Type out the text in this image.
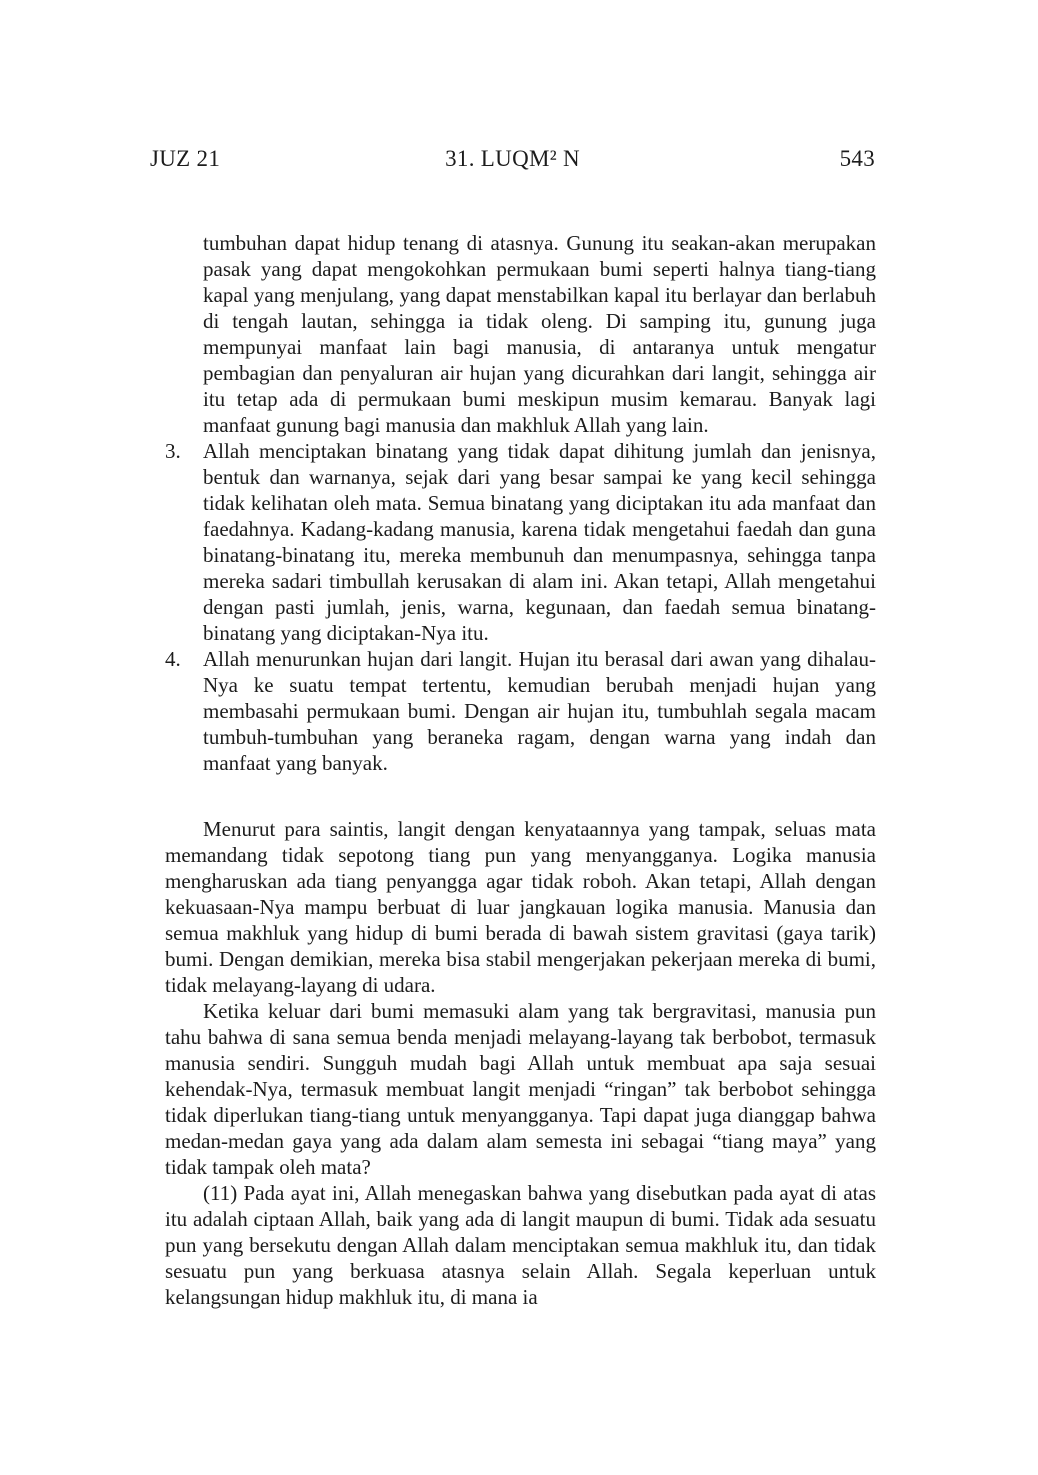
JUZ 21	31. LUQM² N	543

tumbuhan dapat hidup tenang di atasnya. Gunung itu seakan-akan merupakan pasak yang dapat mengokohkan permukaan bumi seperti halnya tiang-tiang kapal yang menjulang, yang dapat menstabilkan kapal itu berlayar dan berlabuh di tengah lautan, sehingga ia tidak oleng. Di samping itu, gunung juga mempunyai manfaat lain bagi manusia, di antaranya untuk mengatur pembagian dan penyaluran air hujan yang dicurahkan dari langit, sehingga air itu tetap ada di permukaan bumi meskipun musim kemarau. Banyak lagi manfaat gunung bagi manusia dan makhluk Allah yang lain.

3. Allah menciptakan binatang yang tidak dapat dihitung jumlah dan jenisnya, bentuk dan warnanya, sejak dari yang besar sampai ke yang kecil sehingga tidak kelihatan oleh mata. Semua binatang yang diciptakan itu ada manfaat dan faedahnya. Kadang-kadang manusia, karena tidak mengetahui faedah dan guna binatang-binatang itu, mereka membunuh dan menumpasnya, sehingga tanpa mereka sadari timbullah kerusakan di alam ini. Akan tetapi, Allah mengetahui dengan pasti jumlah, jenis, warna, kegunaan, dan faedah semua binatang-binatang yang diciptakan-Nya itu.
4. Allah menurunkan hujan dari langit. Hujan itu berasal dari awan yang dihalau-Nya ke suatu tempat tertentu, kemudian berubah menjadi hujan yang membasahi permukaan bumi. Dengan air hujan itu, tumbuhlah segala macam tumbuh-tumbuhan yang beraneka ragam, dengan warna yang indah dan manfaat yang banyak.

Menurut para saintis, langit dengan kenyataannya yang tampak, seluas mata memandang tidak sepotong tiang pun yang menyangganya. Logika manusia mengharuskan ada tiang penyangga agar tidak roboh. Akan tetapi, Allah dengan kekuasaan-Nya mampu berbuat di luar jangkauan logika manusia. Manusia dan semua makhluk yang hidup di bumi berada di bawah sistem gravitasi (gaya tarik) bumi. Dengan demikian, mereka bisa stabil mengerjakan pekerjaan mereka di bumi, tidak melayang-layang di udara.

Ketika keluar dari bumi memasuki alam yang tak bergravitasi, manusia pun tahu bahwa di sana semua benda menjadi melayang-layang tak berbobot, termasuk manusia sendiri. Sungguh mudah bagi Allah untuk membuat apa saja sesuai kehendak-Nya, termasuk membuat langit menjadi “ringan” tak berbobot sehingga tidak diperlukan tiang-tiang untuk menyangganya. Tapi dapat juga dianggap bahwa medan-medan gaya yang ada dalam alam semesta ini sebagai “tiang maya” yang tidak tampak oleh mata?

(11) Pada ayat ini, Allah menegaskan bahwa yang disebutkan pada ayat di atas itu adalah ciptaan Allah, baik yang ada di langit maupun di bumi. Tidak ada sesuatu pun yang bersekutu dengan Allah dalam menciptakan semua makhluk itu, dan tidak sesuatu pun yang berkuasa atasnya selain Allah. Segala keperluan untuk kelangsungan hidup makhluk itu, di mana ia
